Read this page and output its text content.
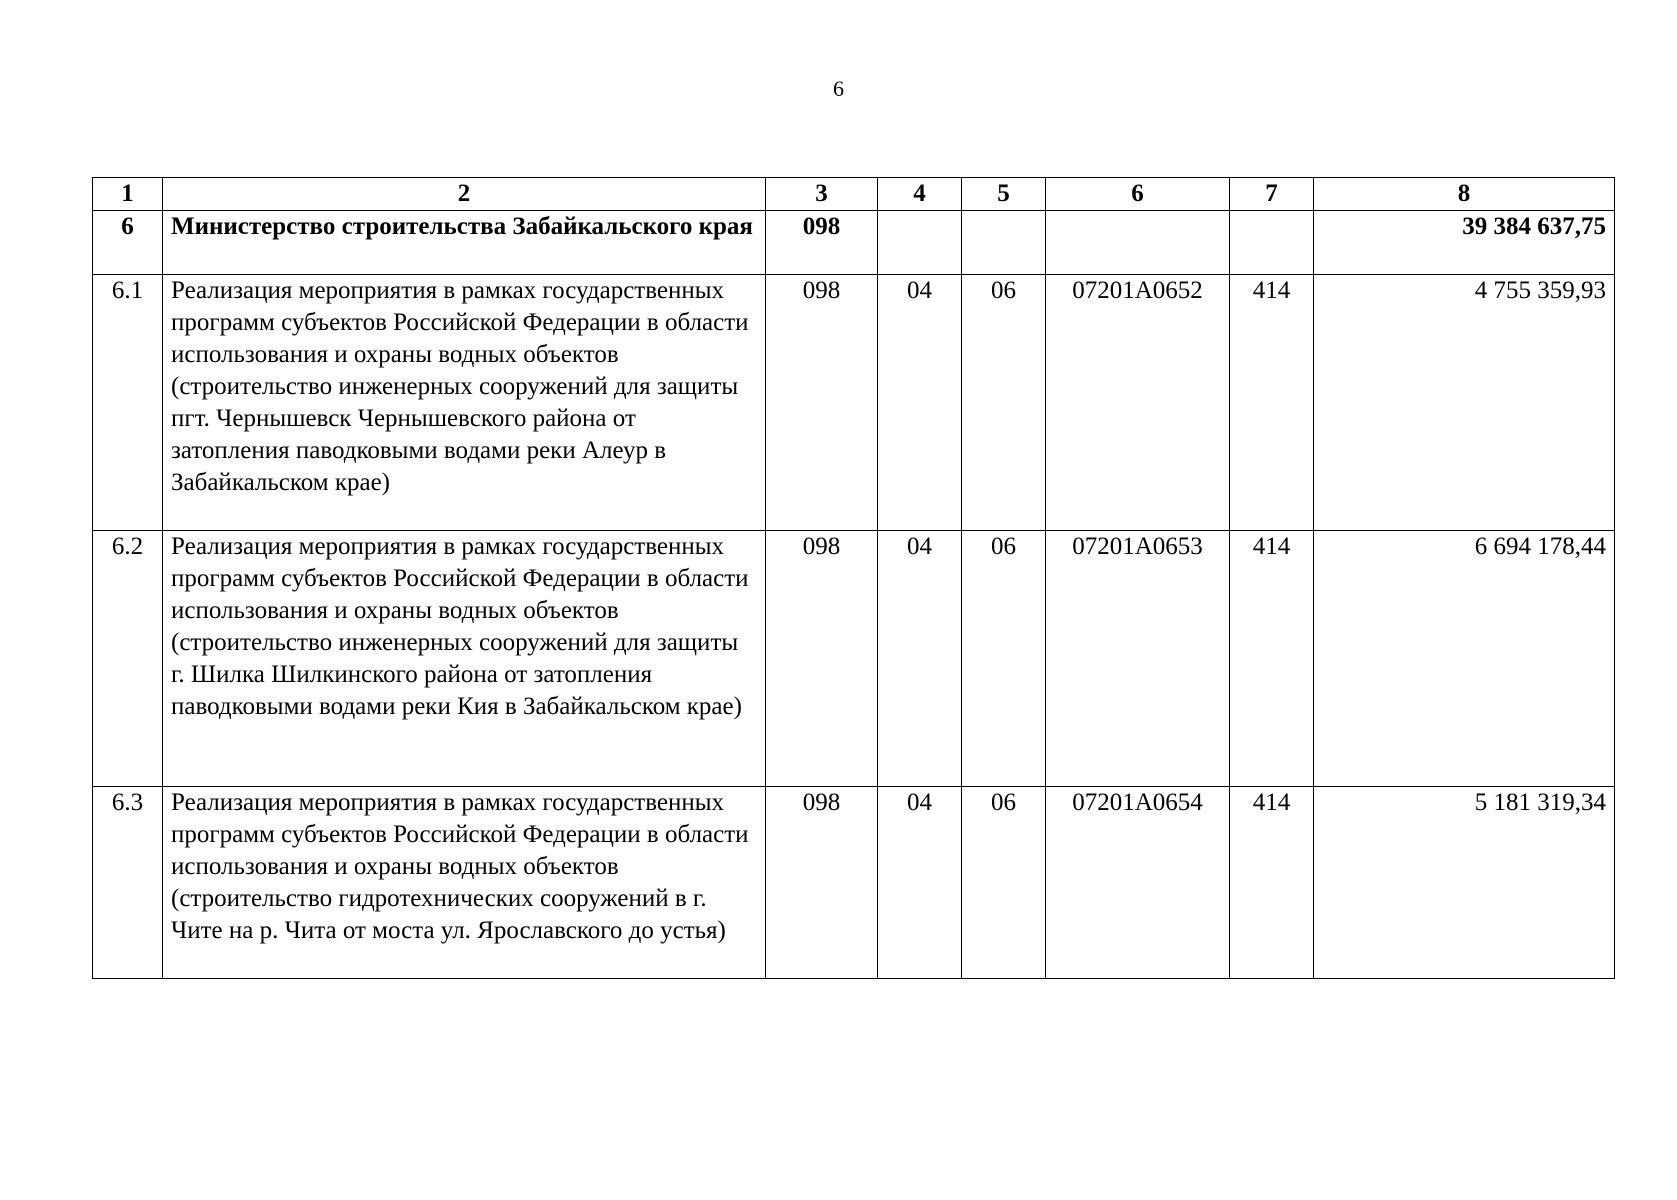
6
1	2	3	4	5	6	7	8
6	Министерство строительства Забайкальского края	098					39 384 637,75
6.1	Реализация мероприятия в рамках государственных программ субъектов Российской Федерации в области использования и охраны водных объектов (строительство инженерных сооружений для защиты пгт. Чернышевск Чернышевского района от затопления паводковыми водами реки Алеур в Забайкальском крае)	098	04	06	07201A0652	414	4 755 359,93
6.2	Реализация мероприятия в рамках государственных программ субъектов Российской Федерации в области использования и охраны водных объектов (строительство инженерных сооружений для защиты г. Шилка Шилкинского района от затопления паводковыми водами реки Кия в Забайкальском крае)	098	04	06	07201A0653	414	6 694 178,44
6.3	Реализация мероприятия в рамках государственных программ субъектов Российской Федерации в области использования и охраны водных объектов (строительство гидротехнических сооружений в г. Чите на р. Чита от моста ул. Ярославского до устья)	098	04	06	07201A0654	414	5 181 319,34
